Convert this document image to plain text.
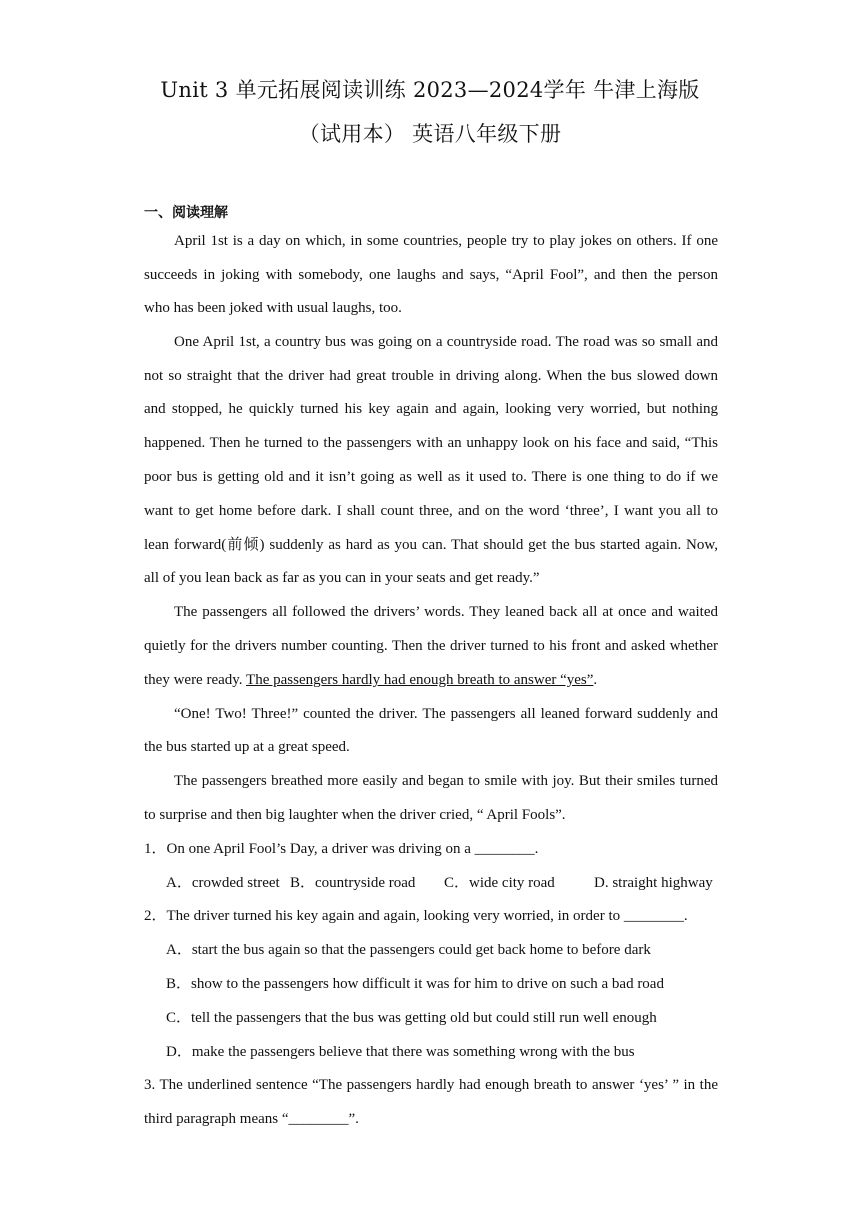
Unit 3 单元拓展阅读训练 2023—2024学年 牛津上海版
（试用本） 英语八年级下册
一、阅读理解
April 1st is a day on which, in some countries, people try to play jokes on others. If one
succeeds in joking with somebody, one laughs and says, “April Fool”, and then the person
who has been joked with usual laughs, too.
One April 1st, a country bus was going on a countryside road. The road was so small and
not so straight that the driver had great trouble in driving along. When the bus slowed down
and stopped, he quickly turned his key again and again, looking very worried, but nothing
happened. Then he turned to the passengers with an unhappy look on his face and said, “This
poor bus is getting old and it isn’t going as well as it used to. There is one thing to do if we
want to get home before dark. I shall count three, and on the word ‘three’, I want you all to
lean forward(前倾) suddenly as hard as you can. That should get the bus started again. Now,
all of you lean back as far as you can in your seats and get ready.”
The passengers all followed the drivers’ words. They leaned back all at once and waited
quietly for the drivers number counting. Then the driver turned to his front and asked whether
they were ready. The passengers hardly had enough breath to answer “yes”.
“One! Two! Three!” counted the driver. The passengers all leaned forward suddenly and
the bus started up at a great speed.
The passengers breathed more easily and began to smile with joy. But their smiles turned
to surprise and then big laughter when the driver cried, “ April Fools”.
1．On one April Fool’s Day, a driver was driving on a ________.
A．crowded street B．countryside road C．wide city road	D. straight highway
2．The driver turned his key again and again, looking very worried, in order to ________.
A．start the bus again so that the passengers could get back home to before dark
B．show to the passengers how difficult it was for him to drive on such a bad road
C．tell the passengers that the bus was getting old but could still run well enough
D．make the passengers believe that there was something wrong with the bus
3. The underlined sentence “The passengers hardly had enough breath to answer ‘yes’ ” in the
third paragraph means “________”.
